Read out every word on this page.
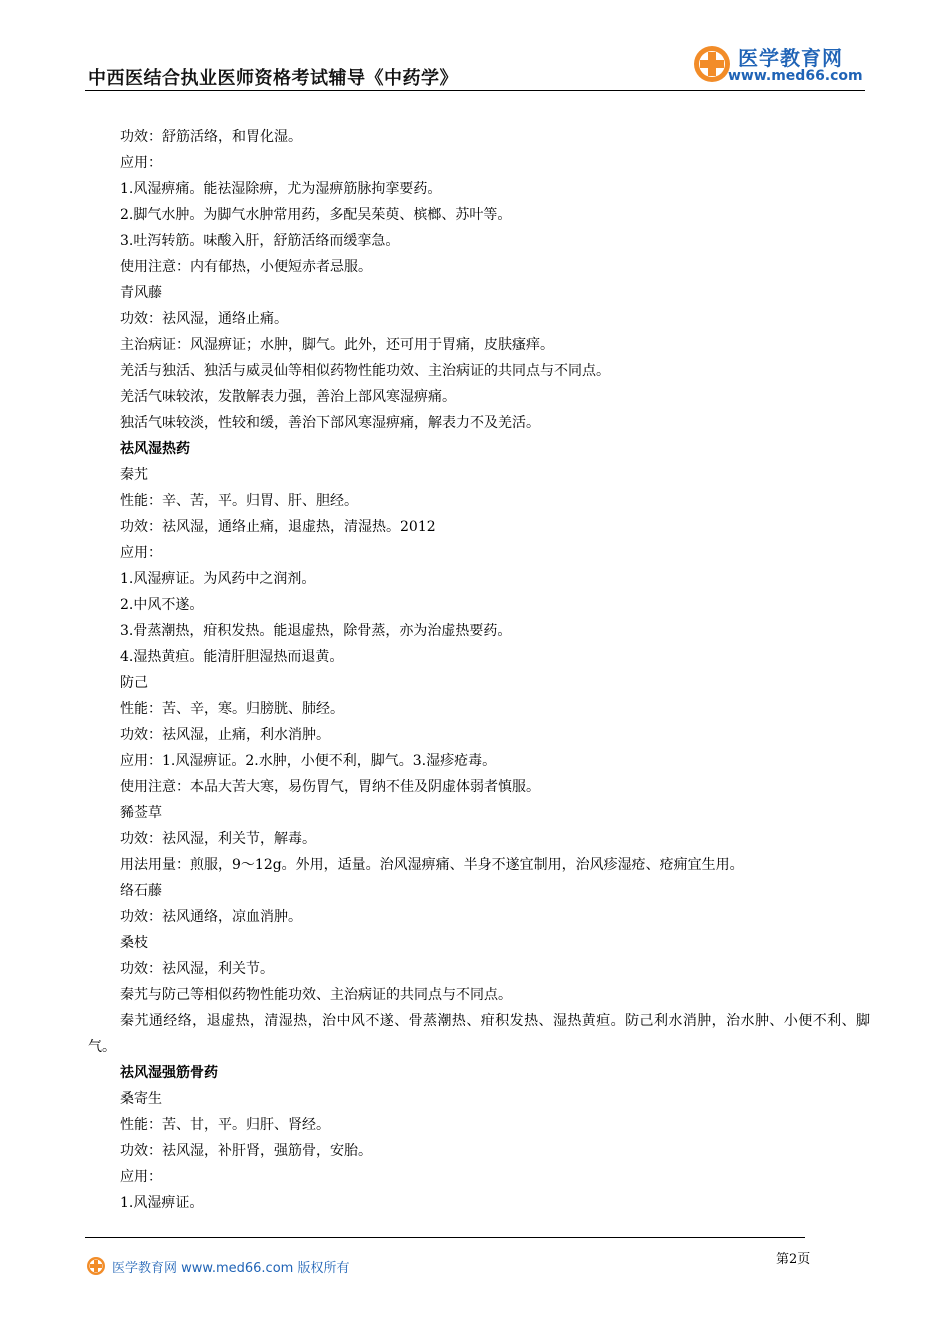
中西医结合执业医师资格考试辅导《中药学》
医学教育网
www.med66.com

功效：舒筋活络，和胃化湿。

应用：

1.风湿痹痛。能祛湿除痹，尤为湿痹筋脉拘挛要药。

2.脚气水肿。为脚气水肿常用药，多配吴茱萸、槟榔、苏叶等。

3.吐泻转筋。味酸入肝，舒筋活络而缓挛急。

使用注意：内有郁热，小便短赤者忌服。

青风藤

功效：祛风湿，通络止痛。

主治病证：风湿痹证；水肿，脚气。此外，还可用于胃痛，皮肤瘙痒。

羌活与独活、独活与威灵仙等相似药物性能功效、主治病证的共同点与不同点。

羌活气味较浓，发散解表力强，善治上部风寒湿痹痛。

独活气味较淡，性较和缓，善治下部风寒湿痹痛，解表力不及羌活。

祛风湿热药

秦艽

性能：辛、苦，平。归胃、肝、胆经。

功效：祛风湿，通络止痛，退虚热，清湿热。2012

应用：

1.风湿痹证。为风药中之润剂。

2.中风不遂。

3.骨蒸潮热，疳积发热。能退虚热，除骨蒸，亦为治虚热要药。

4.湿热黄疸。能清肝胆湿热而退黄。

防己

性能：苦、辛，寒。归膀胱、肺经。

功效：祛风湿，止痛，利水消肿。

应用：1.风湿痹证。2.水肿，小便不利，脚气。3.湿疹疮毒。

使用注意：本品大苦大寒，易伤胃气，胃纳不佳及阴虚体弱者慎服。

豨莶草

功效：祛风湿，利关节，解毒。

用法用量：煎服，9～12g。外用，适量。治风湿痹痛、半身不遂宜制用，治风疹湿疮、疮痈宜生用。

络石藤

功效：祛风通络，凉血消肿。

桑枝

功效：祛风湿，利关节。

秦艽与防己等相似药物性能功效、主治病证的共同点与不同点。

秦艽通经络，退虚热，清湿热，治中风不遂、骨蒸潮热、疳积发热、湿热黄疸。防己利水消肿，治水肿、小便不利、脚气。

祛风湿强筋骨药

桑寄生

性能：苦、甘，平。归肝、肾经。

功效：祛风湿，补肝肾，强筋骨，安胎。

应用：

1.风湿痹证。

第2页
医学教育网 www.med66.com 版权所有
